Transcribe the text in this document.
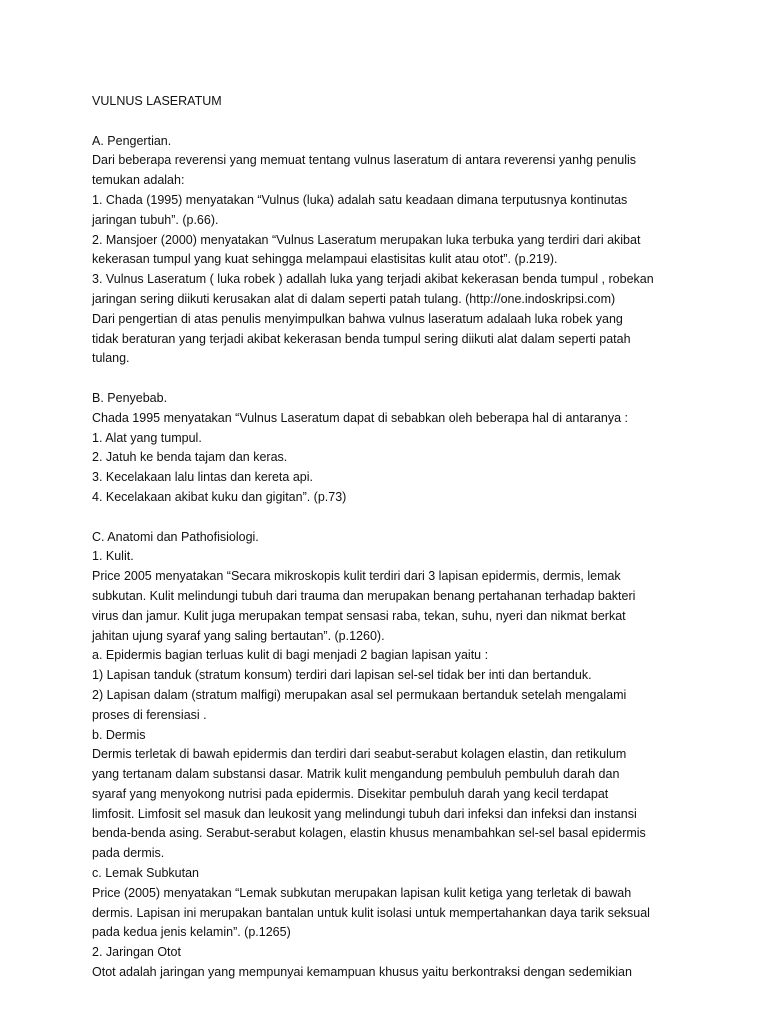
VULNUS LASERATUM
A. Pengertian.
Dari beberapa reverensi yang memuat tentang vulnus laseratum di antara reverensi yanhg penulis
temukan adalah:
1. Chada (1995) menyatakan “Vulnus (luka) adalah satu keadaan dimana terputusnya kontinutas
jaringan tubuh”. (p.66).
2. Mansjoer (2000) menyatakan “Vulnus Laseratum merupakan luka terbuka yang terdiri dari akibat
kekerasan tumpul yang kuat sehingga melampaui elastisitas kulit atau otot”. (p.219).
3. Vulnus Laseratum ( luka robek ) adallah luka yang terjadi akibat kekerasan benda tumpul , robekan
jaringan sering diikuti kerusakan alat di dalam seperti patah tulang. (http://one.indoskripsi.com)
Dari pengertian di atas penulis menyimpulkan bahwa vulnus laseratum adalaah luka robek yang
tidak beraturan yang terjadi akibat kekerasan benda tumpul sering diikuti alat dalam seperti patah
tulang.
B. Penyebab.
Chada 1995 menyatakan “Vulnus Laseratum dapat di sebabkan oleh beberapa hal di antaranya :
1. Alat yang tumpul.
2. Jatuh ke benda tajam dan keras.
3. Kecelakaan lalu lintas dan kereta api.
4. Kecelakaan akibat kuku dan gigitan”. (p.73)
C. Anatomi dan Pathofisiologi.
1. Kulit.
Price 2005 menyatakan “Secara mikroskopis kulit terdiri dari 3 lapisan epidermis, dermis, lemak
subkutan. Kulit melindungi tubuh dari trauma dan merupakan benang pertahanan terhadap bakteri
virus dan jamur. Kulit juga merupakan tempat sensasi raba, tekan, suhu, nyeri dan nikmat berkat
jahitan ujung syaraf yang saling bertautan”. (p.1260).
a. Epidermis bagian terluas kulit di bagi menjadi 2 bagian lapisan yaitu :
1) Lapisan tanduk (stratum konsum) terdiri dari lapisan sel-sel tidak ber inti dan bertanduk.
2) Lapisan dalam (stratum malfigi) merupakan asal sel permukaan bertanduk setelah mengalami
proses di ferensiasi .
b. Dermis
Dermis terletak di bawah epidermis dan terdiri dari seabut-serabut kolagen elastin, dan retikulum
yang tertanam dalam substansi dasar. Matrik kulit mengandung pembuluh pembuluh darah dan
syaraf yang menyokong nutrisi pada epidermis. Disekitar pembuluh darah yang kecil terdapat
limfosit. Limfosit sel masuk dan leukosit yang melindungi tubuh dari infeksi dan infeksi dan instansi
benda-benda asing. Serabut-serabut kolagen, elastin khusus menambahkan sel-sel basal epidermis
pada dermis.
c. Lemak Subkutan
Price (2005) menyatakan “Lemak subkutan merupakan lapisan kulit ketiga yang terletak di bawah
dermis. Lapisan ini merupakan bantalan untuk kulit isolasi untuk mempertahankan daya tarik seksual
pada kedua jenis kelamin”. (p.1265)
2. Jaringan Otot
Otot adalah jaringan yang mempunyai kemampuan khusus yaitu berkontraksi dengan sedemikian
